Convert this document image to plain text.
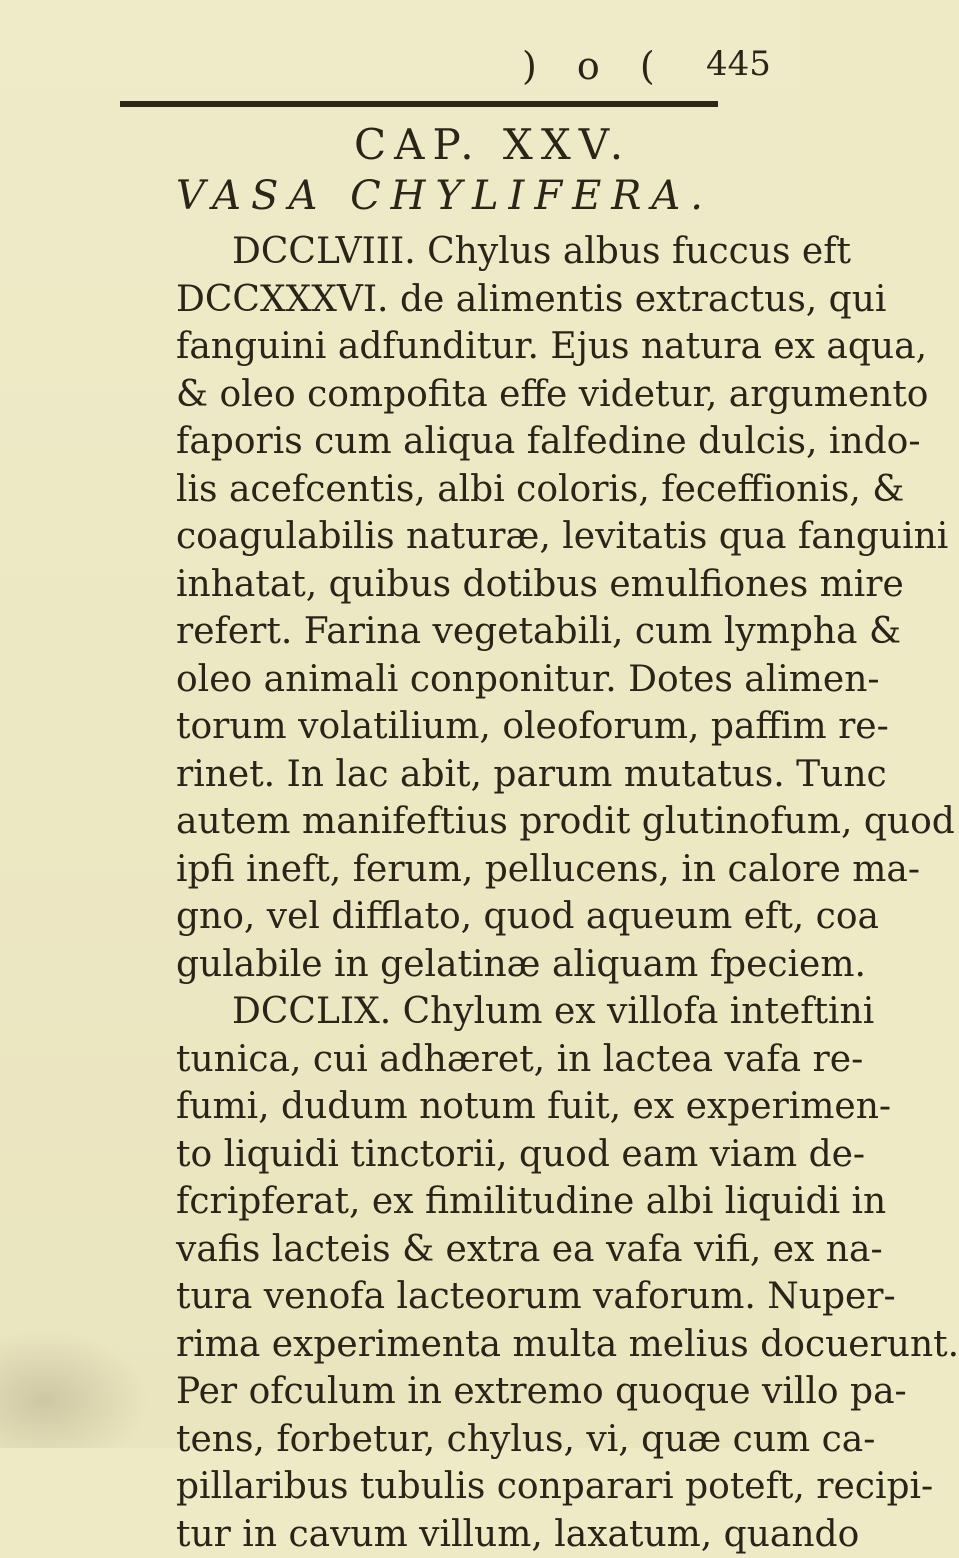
) o ( 445
CAP. XXV.
VASA CHYLIFERA.
DCCLVIII. Chylus albus fuccus eft
DCCXXXVI. de alimentis extractus, qui
fanguini adfunditur. Ejus natura ex aqua,
& oleo compofita effe videtur, argumento
faporis cum aliqua falfedine dulcis, indo-
lis acefcentis, albi coloris, feceffionis, &
coagulabilis naturæ, levitatis qua fanguini
inhatat, quibus dotibus emulfiones mire
refert. Farina vegetabili, cum lympha &
oleo animali conponitur. Dotes alimen-
torum volatilium, oleoforum, paffim re-
rinet. In lac abit, parum mutatus. Tunc
autem manifeftius prodit glutinofum, quod
ipfi ineft, ferum, pellucens, in calore ma-
gno, vel difflato, quod aqueum eft, coa
gulabile in gelatinæ aliquam fpeciem.
DCCLIX. Chylum ex villofa inteftini
tunica, cui adhæret, in lactea vafa re-
fumi, dudum notum fuit, ex experimen-
to liquidi tinctorii, quod eam viam de-
fcripferat, ex fimilitudine albi liquidi in
vafis lacteis & extra ea vafa vifi, ex na-
tura venofa lacteorum vaforum. Nuper-
rima experimenta multa melius docuerunt.
Per ofculum in extremo quoque villo pa-
tens, forbetur, chylus, vi, quæ cum ca-
pillaribus tubulis conparari poteft, recipi-
tur in cavum villum, laxatum, quando
